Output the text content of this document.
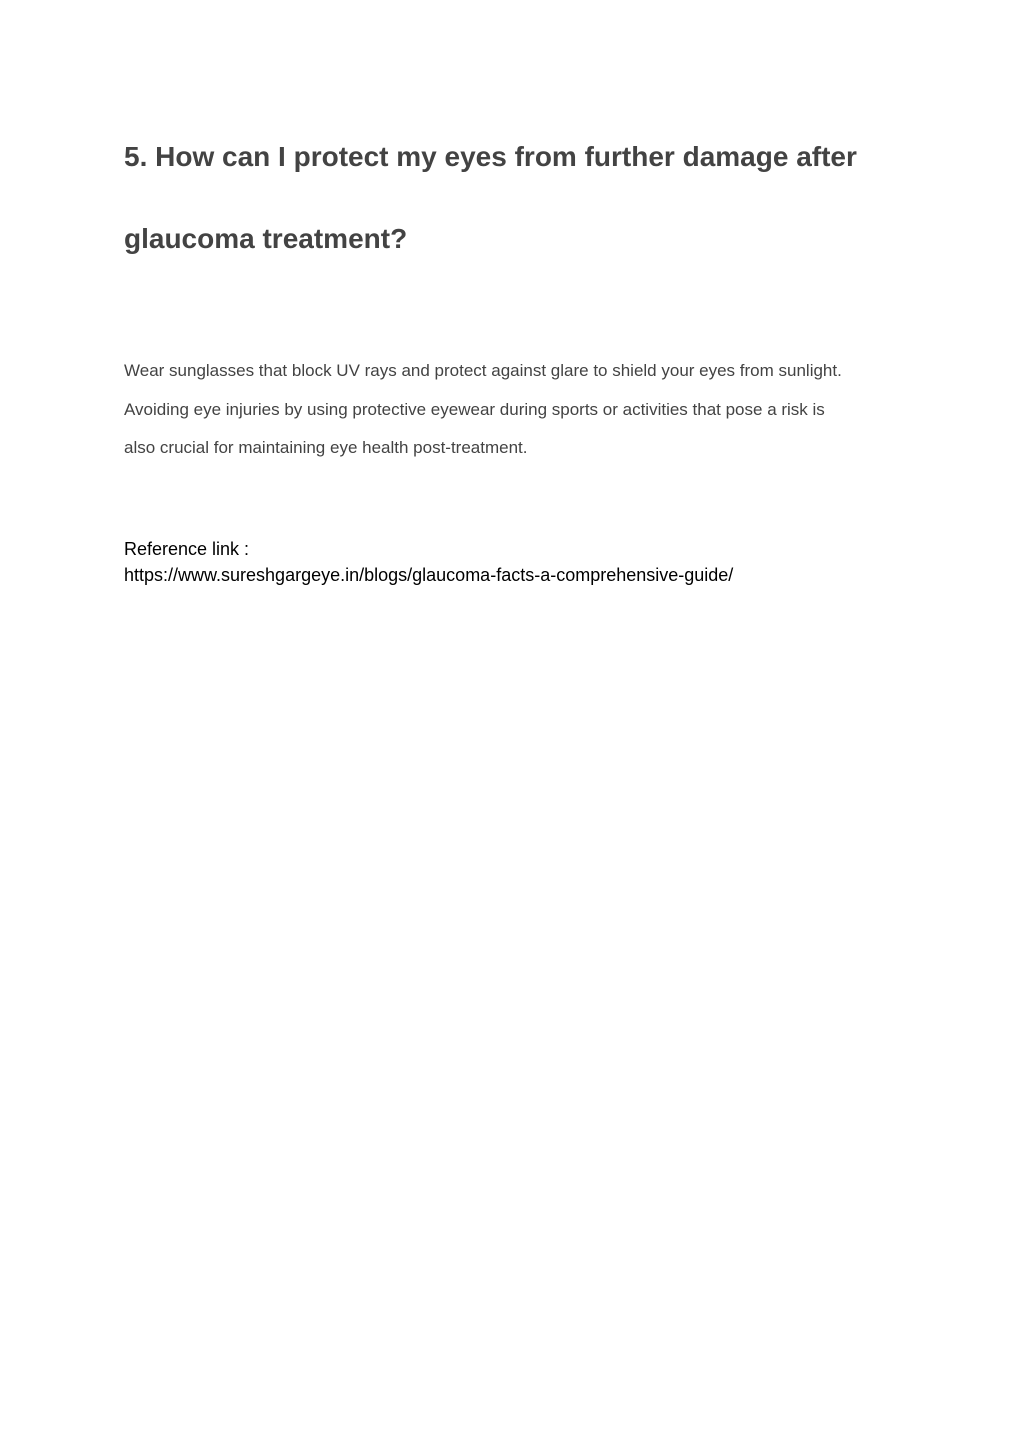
5. How can I protect my eyes from further damage after
glaucoma treatment?

Wear sunglasses that block UV rays and protect against glare to shield your eyes from sunlight.
Avoiding eye injuries by using protective eyewear during sports or activities that pose a risk is
also crucial for maintaining eye health post-treatment.

Reference link :
https://www.sureshgargeye.in/blogs/glaucoma-facts-a-comprehensive-guide/
